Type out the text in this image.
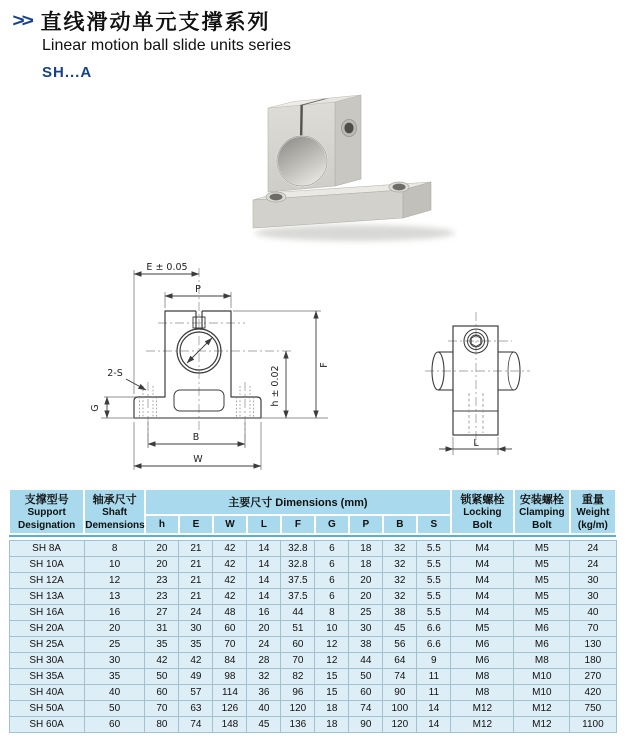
>> 直线滑动单元支撑系列
Linear motion ball slide units series
SH...A
E ± 0.05
P
F
h ± 0.02
G
2-S
B
W
L
支撑型号
Support
Designation	轴承尺寸
Shaft
Demensions	主要尺寸 Dimensions (mm)									锁紧螺栓
Locking
Bolt	安装螺栓
Clamping
Bolt	重量
Weight
(kg/m)

		h	E	W	L	F	G	P	B	S			

SH 8A	8	20	21	42	14	32.8	6	18	32	5.5	M4	M5	24
SH 10A	10	20	21	42	14	32.8	6	18	32	5.5	M4	M5	24
SH 12A	12	23	21	42	14	37.5	6	20	32	5.5	M4	M5	30
SH 13A	13	23	21	42	14	37.5	6	20	32	5.5	M4	M5	30
SH 16A	16	27	24	48	16	44	8	25	38	5.5	M4	M5	40
SH 20A	20	31	30	60	20	51	10	30	45	6.6	M5	M6	70
SH 25A	25	35	35	70	24	60	12	38	56	6.6	M6	M6	130
SH 30A	30	42	42	84	28	70	12	44	64	9	M6	M8	180
SH 35A	35	50	49	98	32	82	15	50	74	11	M8	M10	270
SH 40A	40	60	57	114	36	96	15	60	90	11	M8	M10	420
SH 50A	50	70	63	126	40	120	18	74	100	14	M12	M12	750
SH 60A	60	80	74	148	45	136	18	90	120	14	M12	M12	1100
